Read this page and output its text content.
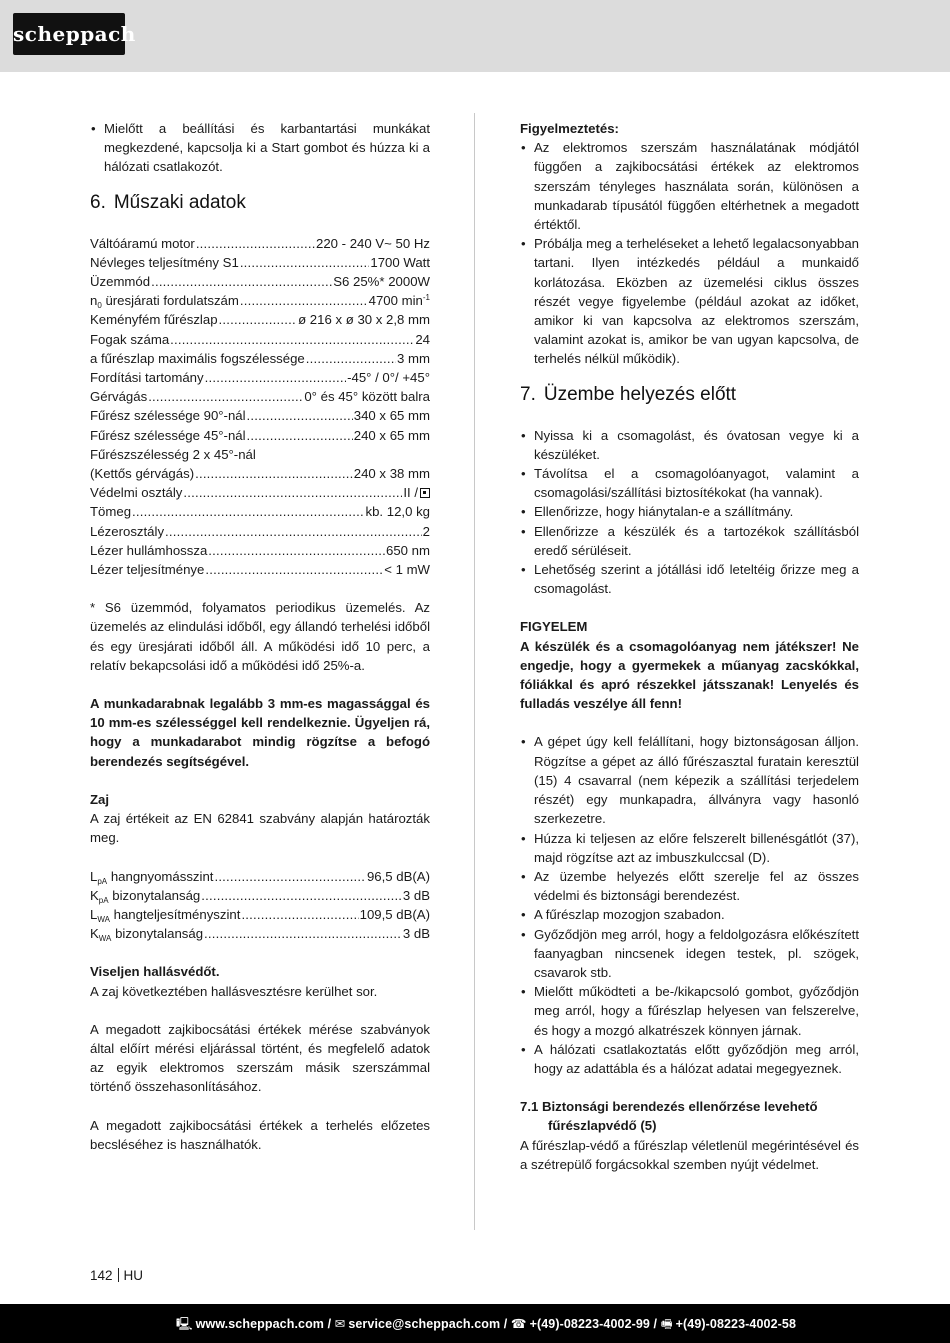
scheppach
• Mielőtt a beállítási és karbantartási munkákat megkezdené, kapcsolja ki a Start gombot és húzza ki a hálózati csatlakozót.
6. Műszaki adatok
Váltóáramú motor .....	220 - 240 V~ 50 Hz
Névleges teljesítmény S1 .....	1700 Watt
Üzemmód .....	S6 25%* 2000W
$n_0$ üresjárati fordulatszám .....	4700 $\min^{-1}$
Keményfém fűrészlap .....	ø 216 x ø 30 x 2,8 mm
Fogak száma .....	24
a fűrészlap maximális fogszélessége .....	3 mm
Fordítási tartomány .....	-45° / 0°/ +45°
Gérvágás .....	0° és 45° között balra
Fűrész szélessége 90°-nál .....	340 x 65 mm
Fűrész szélessége 45°-nál .....	240 x 65 mm
Fűrészszélesség 2 x 45°-nál
(Kettős gérvágás) .....	240 x 38 mm
Védelmi osztály .....	II /
Tömeg .....	kb. 12,0 kg
Lézerosztály .....	2
Lézer hullámhossza .....	650 nm
Lézer teljesítménye .....	< 1 mW

* S6 üzemmód, folyamatos periodikus üzemelés. Az üzemelés az elindulási időből, egy állandó terhelési időből és egy üresjárati időből áll. A működési idő 10 perc, a relatív bekapcsolási idő a működési idő 25%-a.

A munkadarabnak legalább 3 mm-es magassággal és 10 mm-es szélességgel kell rendelkeznie. Ügyeljen rá, hogy a munkadarabot mindig rögzítse a befogó berendezés segítségével.

Zaj

A zaj értékeit az EN 62841 szabvány alapján határozták meg.

$L_{pA}$ hangnyomásszint .....	96,5 dB(A)
$K_{pA}$ bizonytalanság .....	3 dB
$L_{WA}$ hangteljesítményszint .....	109,5 dB(A)
$K_{WA}$ bizonytalanság .....	3 dB

Viseljen hallásvédőt.

A zaj következtében hallásvesztésre kerülhet sor.

A megadott zajkibocsátási értékek mérése szabványok által előírt mérési eljárással történt, és megfelelő adatok az egyik elektromos szerszám másik szerszámmal történő összehasonlításához.

A megadott zajkibocsátási értékek a terhelés előzetes becsléséhez is használhatók.

Figyelmeztetés:

• Az elektromos szerszám használatának módjától függően a zajkibocsátási értékek az elektromos szerszám tényleges használata során, különösen a munkadarab típusától függően eltérhetnek a megadott értéktől.
• Próbálja meg a terheléseket a lehető legalacsonyabban tartani. Ilyen intézkedés például a munkaidő korlátozása. Eközben az üzemelési ciklus összes részét vegye figyelembe (például azokat az időket, amikor ki van kapcsolva az elektromos szerszám, valamint azokat is, amikor be van ugyan kapcsolva, de terhelés nélkül működik).
7. Üzembe helyezés előtt
• Nyissa ki a csomagolást, és óvatosan vegye ki a készüléket.
• Távolítsa el a csomagolóanyagot, valamint a csomagolási/szállítási biztosítékokat (ha vannak).
• Ellenőrizze, hogy hiánytalan-e a szállítmány.
• Ellenőrizze a készülék és a tartozékok szállításból eredő sérüléseit.
• Lehetőség szerint a jótállási idő leteltéig őrizze meg a csomagolást.

FIGYELEM

A készülék és a csomagolóanyag nem játékszer! Ne engedje, hogy a gyermekek a műanyag zacskókkal, fóliákkal és apró részekkel játsszanak! Lenyelés és fulladás veszélye áll fenn!

• A gépet úgy kell felállítani, hogy biztonságosan álljon. Rögzítse a gépet az álló fűrészasztal furatain keresztül (15) 4 csavarral (nem képezik a szállítási terjedelem részét) egy munkapadra, állványra vagy hasonló szerkezetre.
• Húzza ki teljesen az előre felszerelt billenésgátlót (37), majd rögzítse azt az imbuszkulccsal (D).
• Az üzembe helyezés előtt szerelje fel az összes védelmi és biztonsági berendezést.
• A fűrészlap mozogjon szabadon.
• Győződjön meg arról, hogy a feldolgozásra előkészített faanyagban nincsenek idegen testek, pl. szögek, csavarok stb.
• Mielőtt működteti a be-/kikapcsoló gombot, győződjön meg arról, hogy a fűrészlap helyesen van felszerelve, és hogy a mozgó alkatrészek könnyen járnak.
• A hálózati csatlakoztatás előtt győződjön meg arról, hogy az adattábla és a hálózat adatai megegyeznek.

7.1 Biztonsági berendezés ellenőrzése levehető fűrészlapvédő (5)

A fűrészlap-védő a fűrészlap véletlenül megérintésével és a szétrepülő forgácsokkal szemben nyújt védelmet.

142 HU
🖳 www.scheppach.com / ✉ service@scheppach.com / ☎ +(49)-08223-4002-99 / 🖷 +(49)-08223-4002-58
